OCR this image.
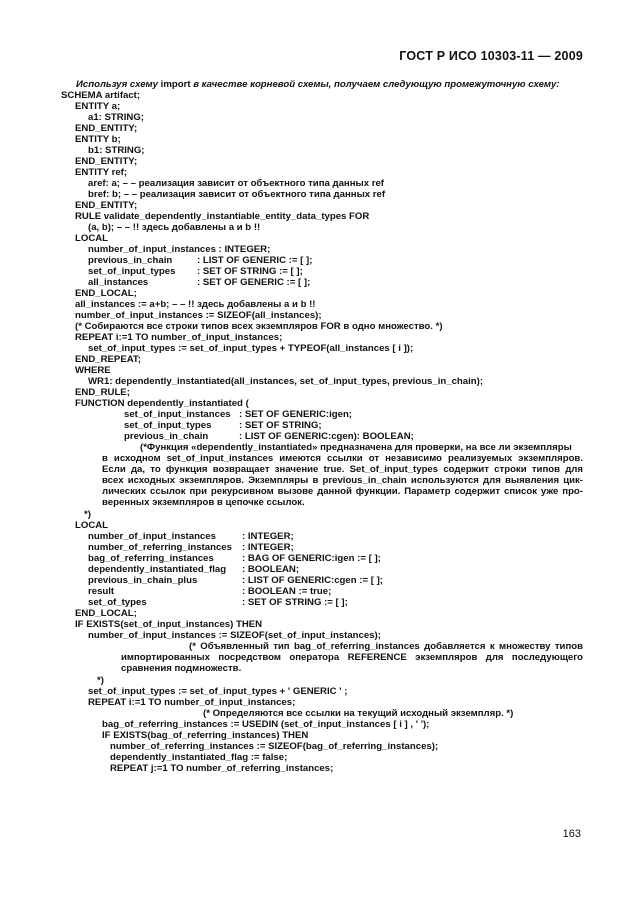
ГОСТ Р ИСО 10303-11 — 2009
Используя схему import в качестве корневой схемы, получаем следующую промежуточную схему:
SCHEMA artifact;
ENTITY a;
a1: STRING;
END_ENTITY;
ENTITY b;
b1: STRING;
END_ENTITY;
ENTITY ref;
aref: a; – – реализация зависит от объектного типа данных ref
bref: b; – – реализация зависит от объектного типа данных ref
END_ENTITY;
RULE validate_dependently_instantiable_entity_data_types FOR
(a, b); – – !! здесь добавлены a и b !!
LOCAL
number_of_input_instances : INTEGER;
previous_in_chain	: LIST OF GENERIC := [ ];
set_of_input_types : SET OF STRING := [ ];
all_instances	: SET OF GENERIC := [ ];
END_LOCAL;
all_instances := a+b; – – !! здесь добавлены a и b !!
number_of_input_instances := SIZEOF(all_instances);
(* Собираются все строки типов всех экземпляров FOR в одно множество. *)
REPEAT i:=1 TO number_of_input_instances;
set_of_input_types := set_of_input_types + TYPEOF(all_instances [ i ]);
END_REPEAT;
WHERE
WR1: dependently_instantiated(all_instances, set_of_input_types, previous_in_chain);
END_RULE;
FUNCTION dependently_instantiated (
set_of_input_instances : SET OF GENERIC:igen;
set_of_input_types	: SET OF STRING;
previous_in_chain	: LIST OF GENERIC:cgen): BOOLEAN;
(*Функция «dependently_instantiated» предназначена для проверки, на все ли экземпляры
в исходном set_of_input_instances имеются ссылки от независимо реализуемых экземпляров.
Если да, то функция возвращает значение true. Set_of_input_types содержит строки типов для
всех исходных экземпляров. Экземпляры в previous_in_chain используются для выявления цик-
лических ссылок при рекурсивном вызове данной функции. Параметр содержит список уже про-
веренных экземпляров в цепочке ссылок.
*)
LOCAL
number_of_input_instances	: INTEGER;
number_of_referring_instances : INTEGER;
bag_of_referring_instances	: BAG OF GENERIC:igen := [ ];
dependently_instantiated_flag : BOOLEAN;
previous_in_chain_plus	: LIST OF GENERIC:cgen := [ ];
result	: BOOLEAN := true;
set_of_types	: SET OF STRING := [ ];
END_LOCAL;
IF EXISTS(set_of_input_instances) THEN
number_of_input_instances := SIZEOF(set_of_input_instances);
(* Объявленный тип bag_of_referring_instances добавляется к множеству типов
импортированных посредством оператора REFERENCE экземпляров для последующего
сравнения подмножеств.
*)
set_of_input_types := set_of_input_types + ' GENERIC ' ;
REPEAT i:=1 TO number_of_input_instances;
(* Определяются все ссылки на текущий исходный экземпляр. *)
bag_of_referring_instances := USEDIN (set_of_input_instances [ i ] , ' ');
IF EXISTS(bag_of_referring_instances) THEN
number_of_referring_instances := SIZEOF(bag_of_referring_instances);
dependently_instantiated_flag := false;
REPEAT j:=1 TO number_of_referring_instances;
163
